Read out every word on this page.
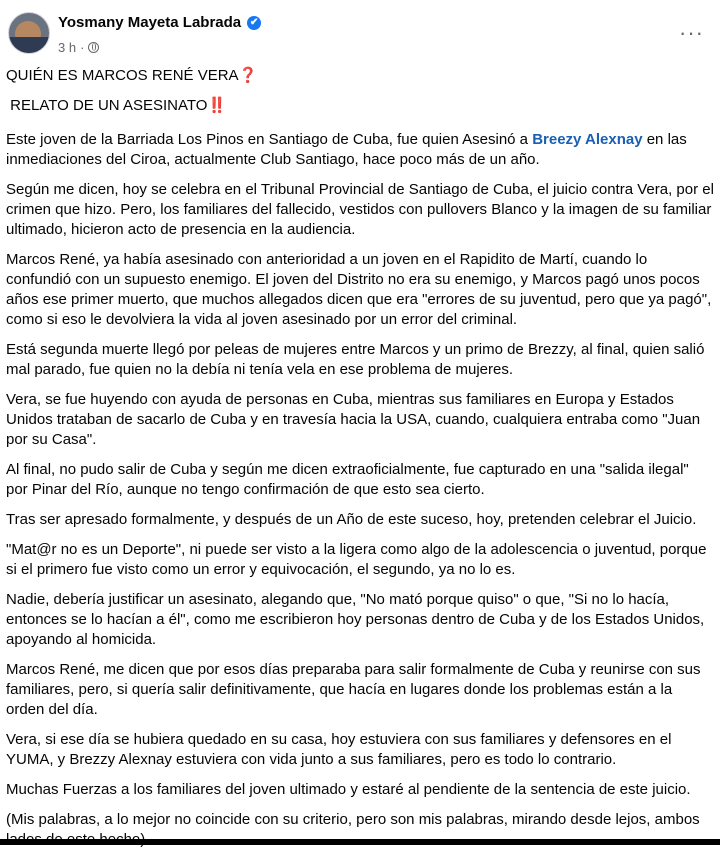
Yosmany Mayeta Labrada ✔
3 h ·
···

QUIÉN ES MARCOS RENÉ VERA❓

RELATO DE UN ASESINATO‼️

Este joven de la Barriada Los Pinos en Santiago de Cuba, fue quien Asesinó a Breezy Alexnay en las inmediaciones del Ciroa, actualmente Club Santiago, hace poco más de un año.

Según me dicen, hoy se celebra en el Tribunal Provincial de Santiago de Cuba, el juicio contra Vera, por el crimen que hizo. Pero, los familiares del fallecido, vestidos con pullovers Blanco y la imagen de su familiar ultimado, hicieron acto de presencia en la audiencia.

Marcos René, ya había asesinado con anterioridad a un joven en el Rapidito de Martí, cuando lo confundió con un supuesto enemigo. El joven del Distrito no era su enemigo, y Marcos pagó unos pocos años ese primer muerto, que muchos allegados dicen que era "errores de su juventud, pero que ya pagó", como si eso le devolviera la vida al joven asesinado por un error del criminal.

Está segunda muerte llegó por peleas de mujeres entre Marcos y un primo de Brezzy, al final, quien salió mal parado, fue quien no la debía ni tenía vela en ese problema de mujeres.

Vera, se fue huyendo con ayuda de personas en Cuba, mientras sus familiares en Europa y Estados Unidos trataban de sacarlo de Cuba y en travesía hacia la USA, cuando, cualquiera entraba como "Juan por su Casa".

Al final, no pudo salir de Cuba y según me dicen extraoficialmente, fue capturado en una "salida ilegal" por Pinar del Río, aunque no tengo confirmación de que esto sea cierto.

Tras ser apresado formalmente, y después de un Año de este suceso, hoy, pretenden celebrar el Juicio.

"Mat@r no es un Deporte", ni puede ser visto a la ligera como algo de la adolescencia o juventud, porque si el primero fue visto como un error y equivocación, el segundo, ya no lo es.

Nadie, debería justificar un asesinato, alegando que, "No mató porque quiso" o que, "Si no lo hacía, entonces se lo hacían a él", como me escribieron hoy personas dentro de Cuba y de los Estados Unidos, apoyando al homicida.

Marcos René, me dicen que por esos días preparaba para salir formalmente de Cuba y reunirse con sus familiares, pero, si quería salir definitivamente, que hacía en lugares donde los problemas están a la orden del día.

Vera, si ese día se hubiera quedado en su casa, hoy estuviera con sus familiares y defensores en el YUMA, y Brezzy Alexnay estuviera con vida junto a sus familiares, pero es todo lo contrario.

Muchas Fuerzas a los familiares del joven ultimado y estaré al pendiente de la sentencia de este juicio.

(Mis palabras, a lo mejor no coincide con su criterio, pero son mis palabras, mirando desde lejos, ambos
